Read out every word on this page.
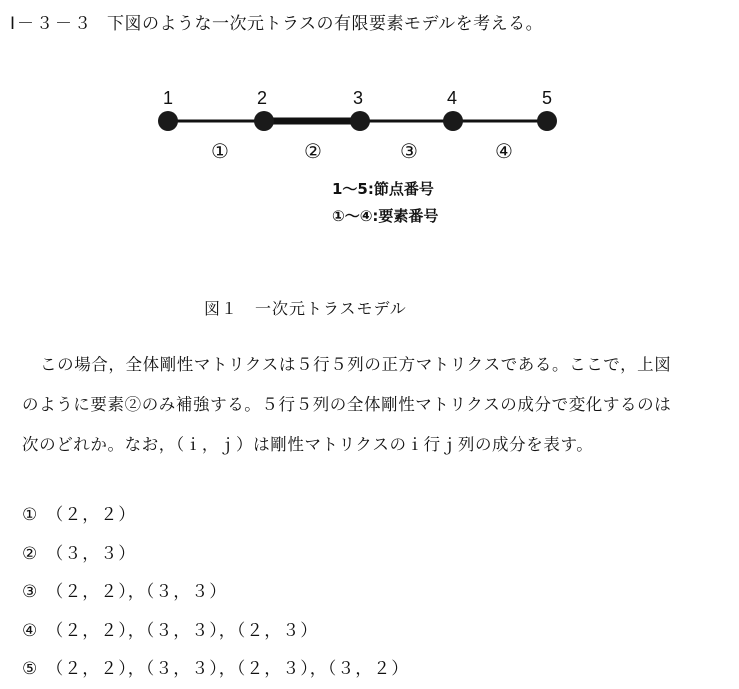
Ⅰ－３－３ 下図のような一次元トラスの有限要素モデルを考える。
1	2	3	4	5
①	②	③	④
1～5:節点番号
①～④:要素番号
図１　一次元トラスモデル
この場合，全体剛性マトリクスは５行５列の正方マトリクスである。ここで，上図
のように要素②のみ補強する。５行５列の全体剛性マトリクスの成分で変化するのは
次のどれか。なお，（ｉ，ｊ）は剛性マトリクスのｉ行ｊ列の成分を表す。
① （２，２）
② （３，３）
③ （２，２），（３，３）
④ （２，２），（３，３），（２，３）
⑤ （２，２），（３，３），（２，３），（３，２）
